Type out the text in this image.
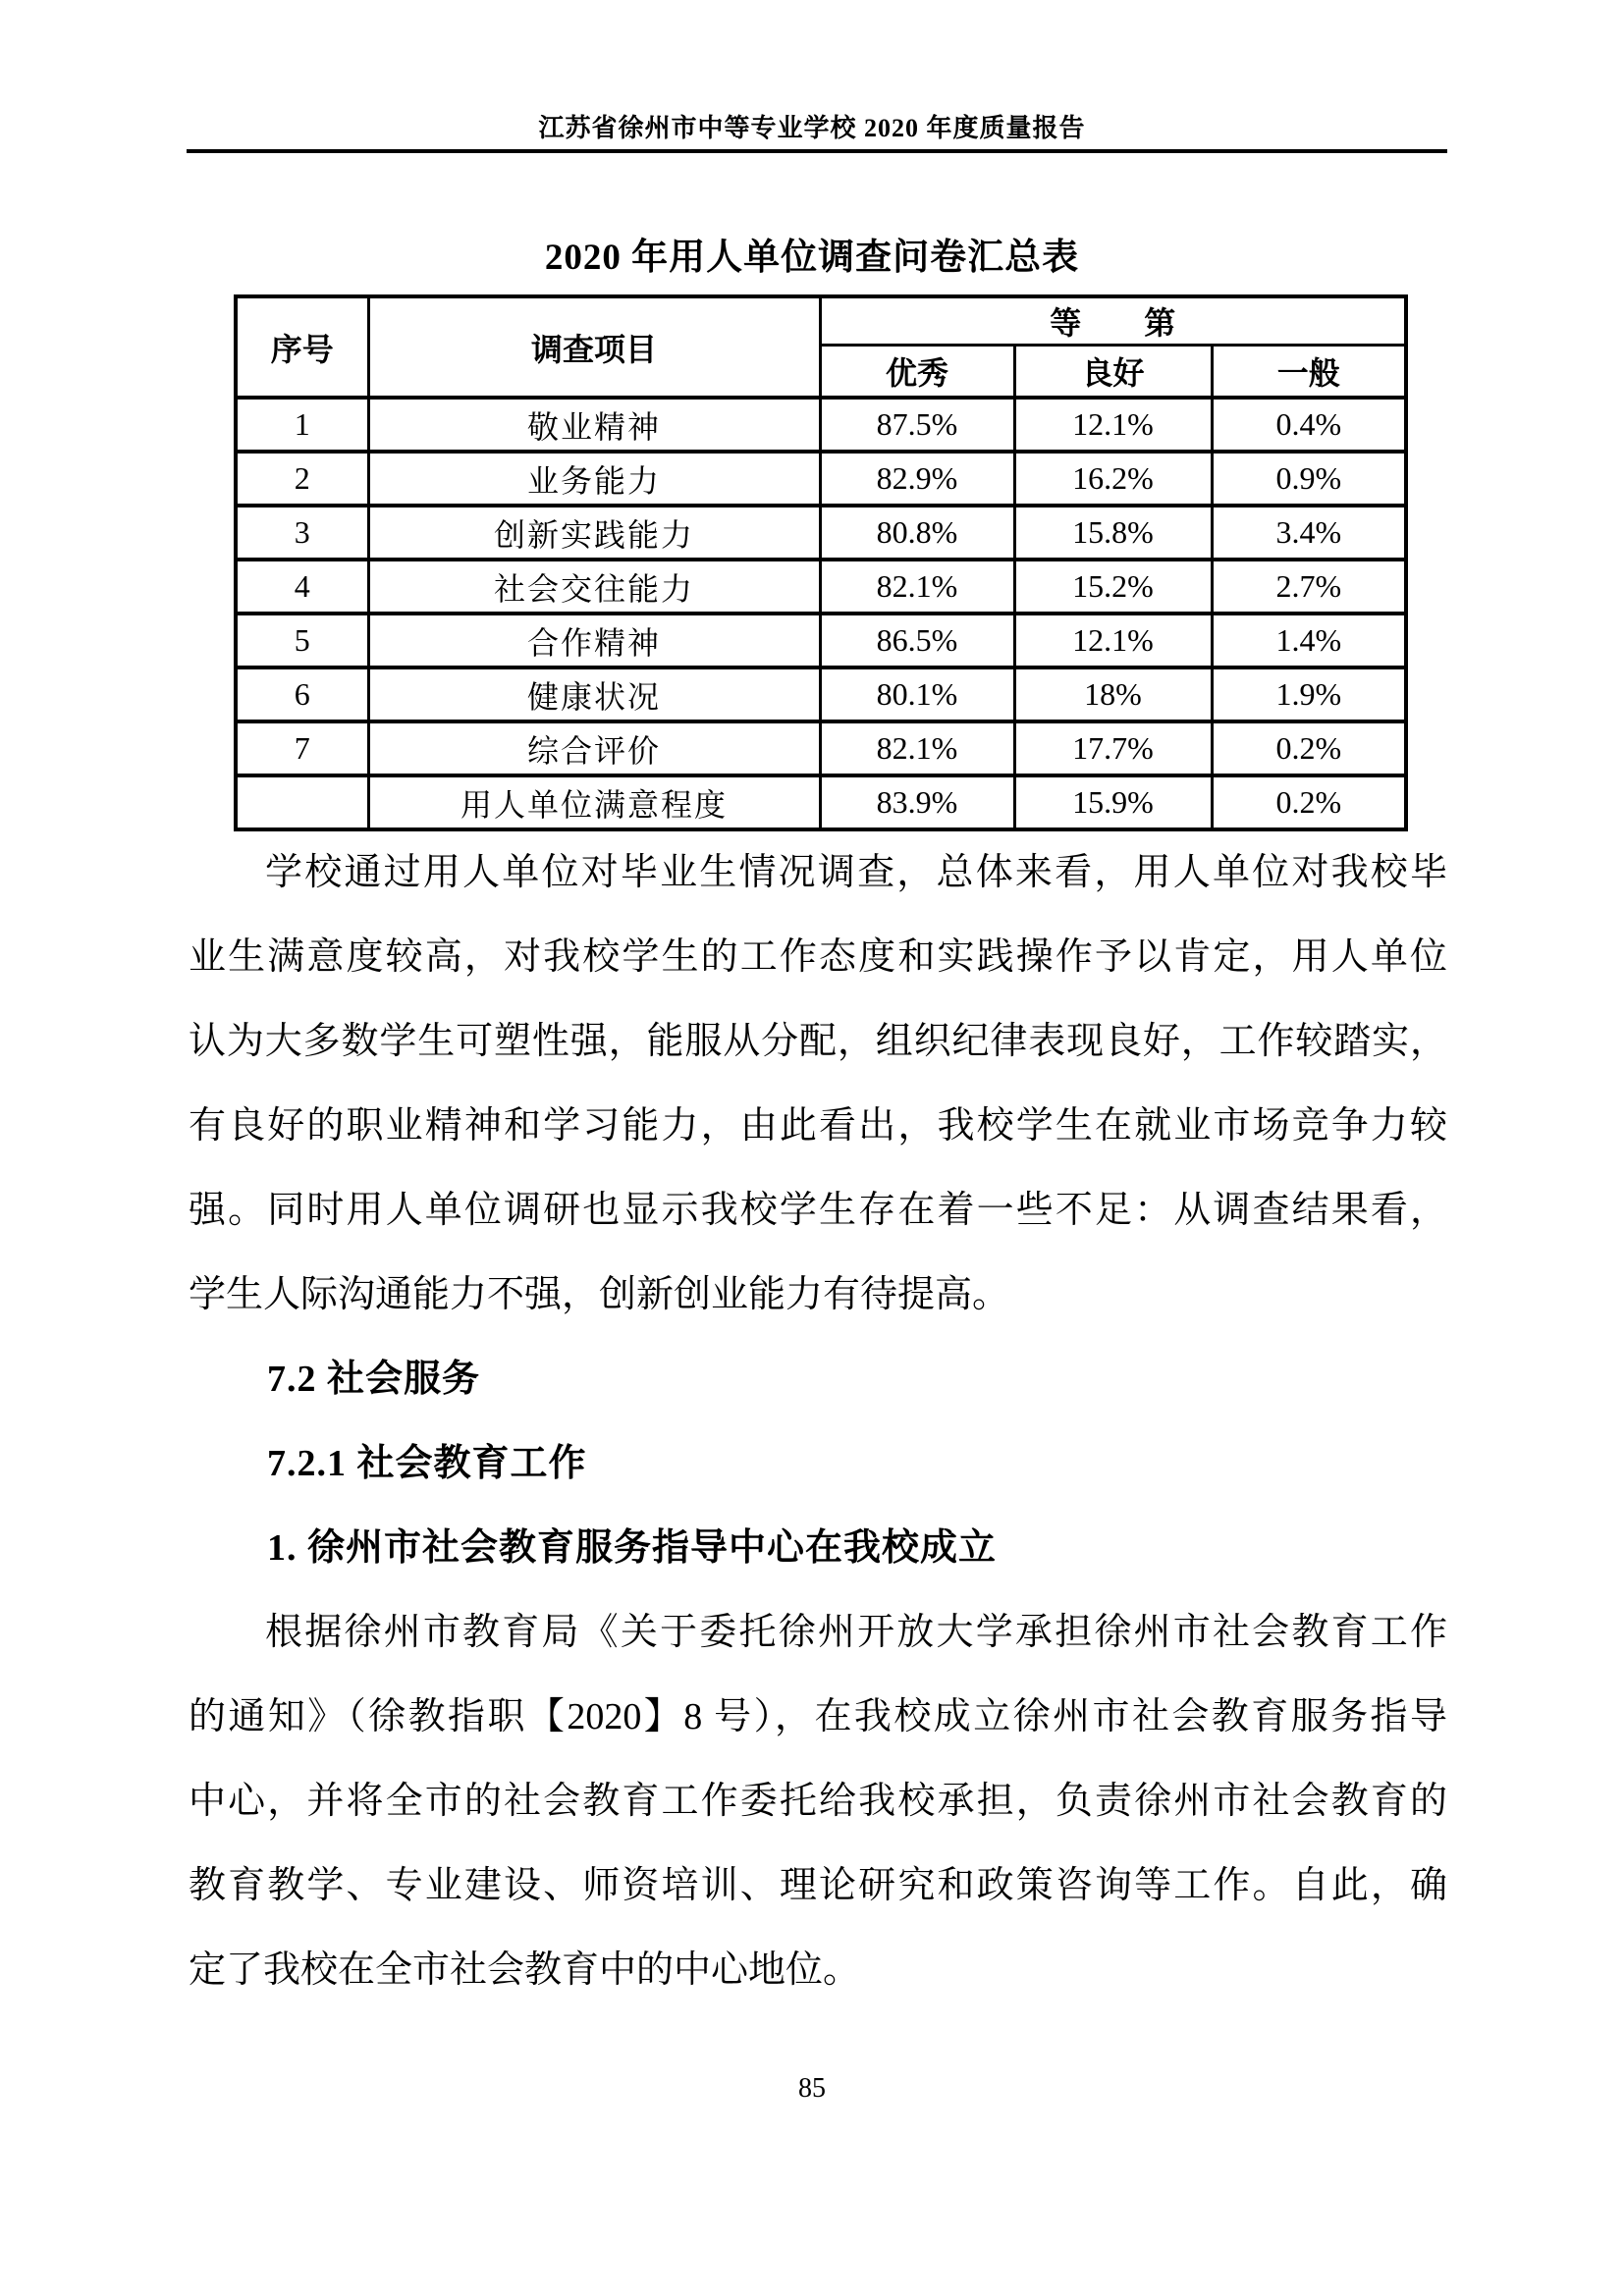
江苏省徐州市中等专业学校 2020 年度质量报告
2020 年用人单位调查问卷汇总表
序号	调查项目	等　　第		
		优秀	良好	一般
1	敬业精神	87.5%	12.1%	0.4%
2	业务能力	82.9%	16.2%	0.9%
3	创新实践能力	80.8%	15.8%	3.4%
4	社会交往能力	82.1%	15.2%	2.7%
5	合作精神	86.5%	12.1%	1.4%
6	健康状况	80.1%	18%	1.9%
7	综合评价	82.1%	17.7%	0.2%
	用人单位满意程度	83.9%	15.9%	0.2%
学校通过用人单位对毕业生情况调查，总体来看，用人单位对我校毕
业生满意度较高，对我校学生的工作态度和实践操作予以肯定，用人单位
认为大多数学生可塑性强，能服从分配，组织纪律表现良好，工作较踏实，
有良好的职业精神和学习能力，由此看出，我校学生在就业市场竞争力较
强。同时用人单位调研也显示我校学生存在着一些不足：从调查结果看，
学生人际沟通能力不强，创新创业能力有待提高。
7.2 社会服务
7.2.1 社会教育工作
1. 徐州市社会教育服务指导中心在我校成立
根据徐州市教育局《关于委托徐州开放大学承担徐州市社会教育工作
的通知》（徐教指职【2020】8 号），在我校成立徐州市社会教育服务指导
中心，并将全市的社会教育工作委托给我校承担，负责徐州市社会教育的
教育教学、专业建设、师资培训、理论研究和政策咨询等工作。自此，确
定了我校在全市社会教育中的中心地位。
85
